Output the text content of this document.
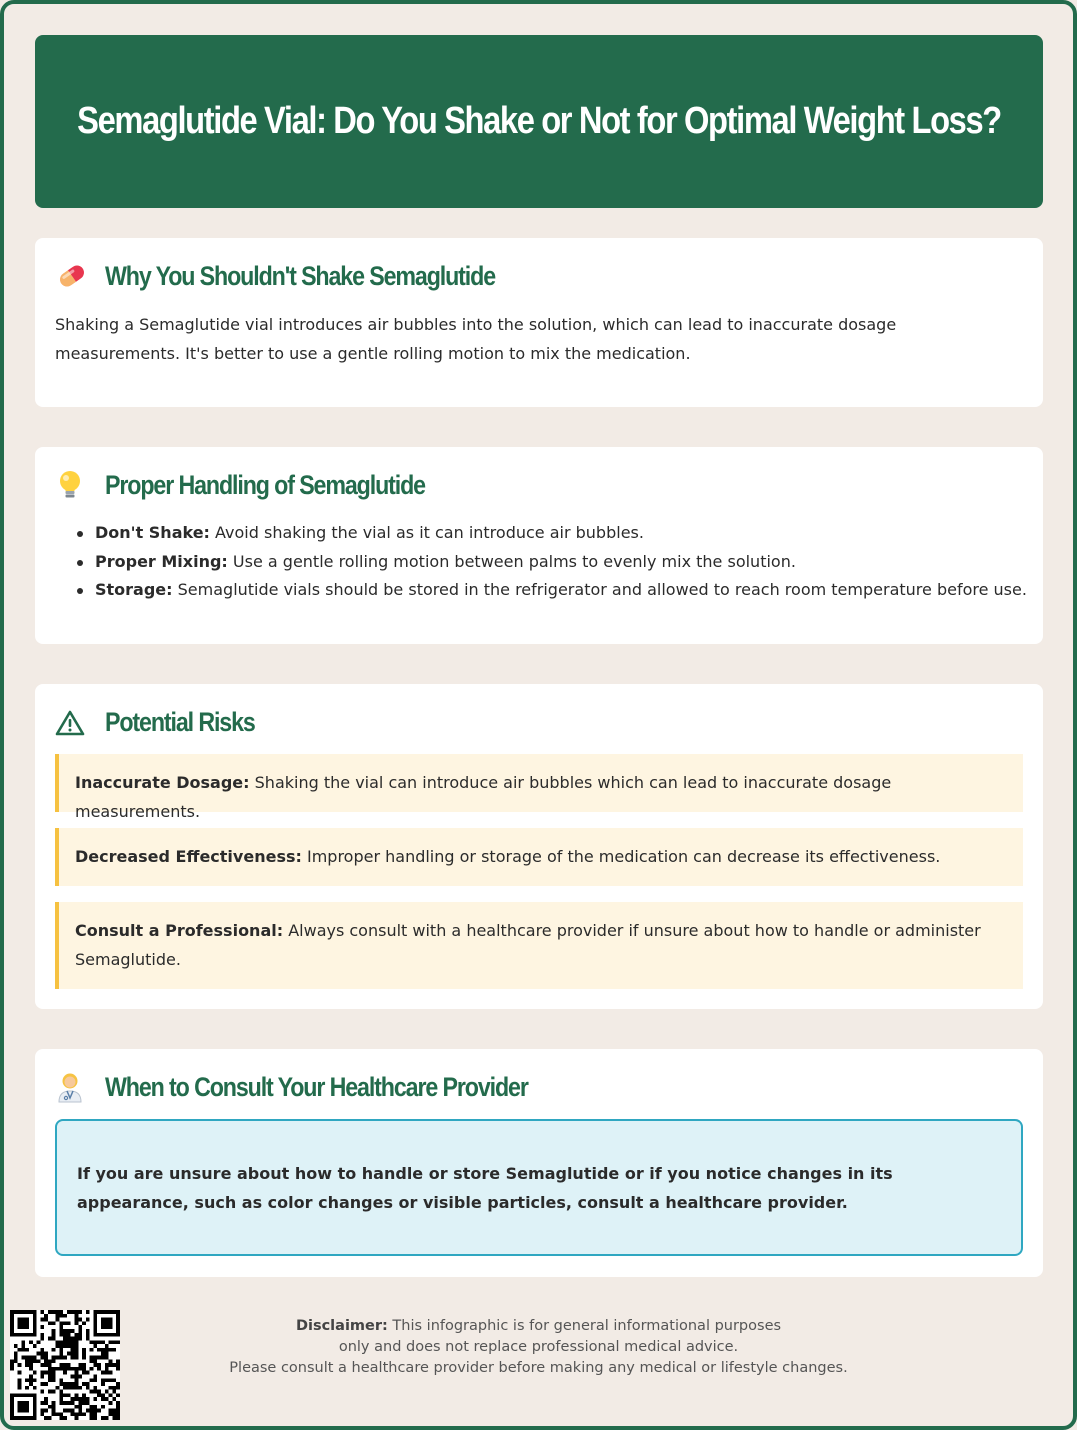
Semaglutide Vial: Do You Shake or Not for Optimal Weight Loss?
Why You Shouldn't Shake Semaglutide

Shaking a Semaglutide vial introduces air bubbles into the solution, which can lead to inaccurate dosage measurements. It's better to use a gentle rolling motion to mix the medication.

Proper Handling of Semaglutide
Don't Shake: Avoid shaking the vial as it can introduce air bubbles.
Proper Mixing: Use a gentle rolling motion between palms to evenly mix the solution.
Storage: Semaglutide vials should be stored in the refrigerator and allowed to reach room temperature before use.
Potential Risks
Inaccurate Dosage: Shaking the vial can introduce air bubbles which can lead to inaccurate dosage measurements.
Decreased Effectiveness: Improper handling or storage of the medication can decrease its effectiveness.
Consult a Professional: Always consult with a healthcare provider if unsure about how to handle or administer Semaglutide.
When to Consult Your Healthcare Provider
If you are unsure about how to handle or store Semaglutide or if you notice changes in its appearance, such as color changes or visible particles, consult a healthcare provider.
Disclaimer: This infographic is for general informational purposes
only and does not replace professional medical advice.
Please consult a healthcare provider before making any medical or lifestyle changes.
